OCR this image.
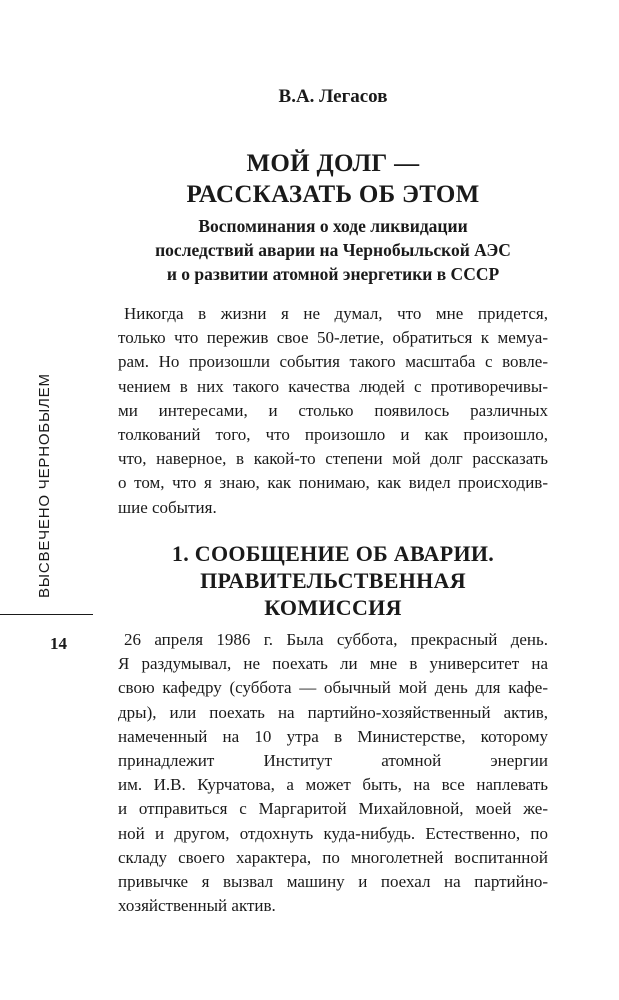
В.А. Легасов
МОЙ ДОЛГ —
РАССКАЗАТЬ ОБ ЭТОМ
Воспоминания о ходе ликвидации
последствий аварии на Чернобыльской АЭС
и о развитии атомной энергетики в СССР
Никогда в жизни я не думал, что мне придется,
только что пережив свое 50-летие, обратиться к мемуа-
рам. Но произошли события такого масштаба с вовле-
чением в них такого качества людей с противоречивы-
ми интересами, и столько появилось различных
толкований того, что произошло и как произошло,
что, наверное, в какой-то степени мой долг рассказать
о том, что я знаю, как понимаю, как видел происходив-
шие события.
1. СООБЩЕНИЕ ОБ АВАРИИ.
ПРАВИТЕЛЬСТВЕННАЯ
КОМИССИЯ
26 апреля 1986 г. Была суббота, прекрасный день.
Я раздумывал, не поехать ли мне в университет на
свою кафедру (суббота — обычный мой день для кафе-
дры), или поехать на партийно-хозяйственный актив,
намеченный на 10 утра в Министерстве, которому
принадлежит Институт атомной энергии
им. И.В. Курчатова, а может быть, на все наплевать
и отправиться с Маргаритой Михайловной, моей же-
ной и другом, отдохнуть куда-нибудь. Естественно, по
складу своего характера, по многолетней воспитанной
привычке я вызвал машину и поехал на партийно-
хозяйственный актив.
ВЫСВЕЧЕНО ЧЕРНОБЫЛЕМ
14
